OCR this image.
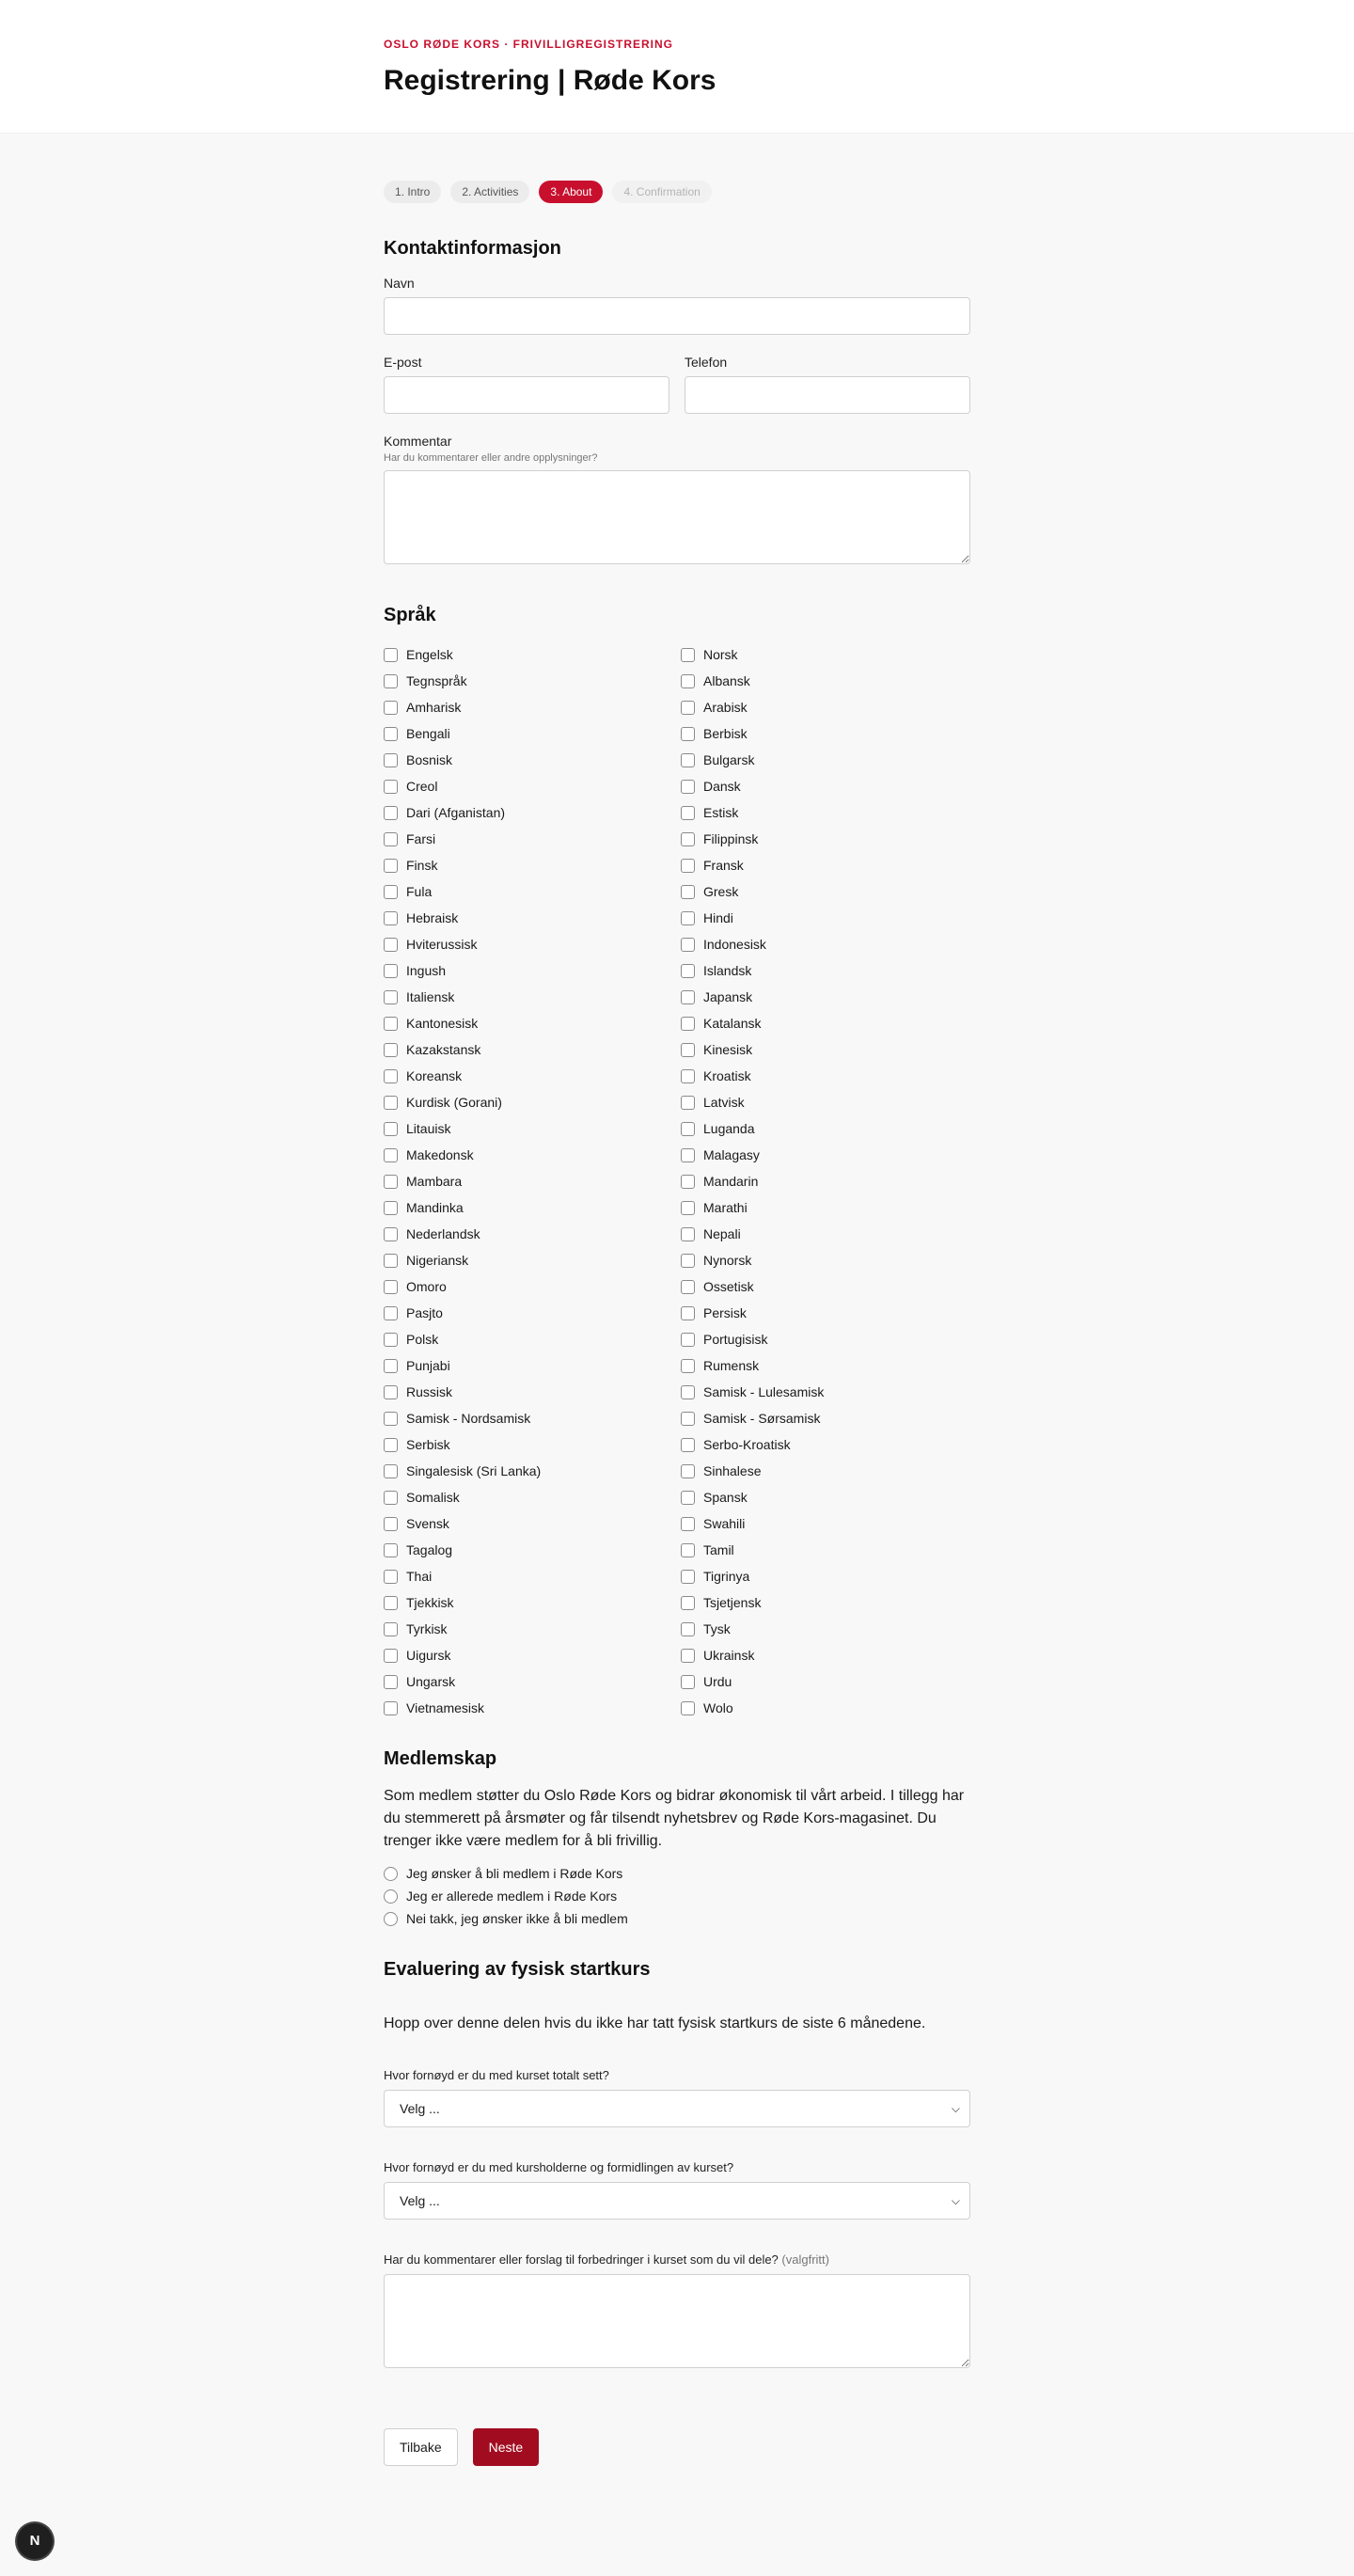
OSLO RØDE KORS · FRIVILLIGREGISTRERING
Registrering | Røde Kors
1. Intro	2. Activities	3. About	4. Confirmation
Kontaktinformasjon
Navn
E-post	Telefon
Kommentar
Har du kommentarer eller andre opplysninger?
Språk
Engelsk	Norsk
Tegnspråk	Albansk
Amharisk	Arabisk
Bengali	Berbisk
Bosnisk	Bulgarsk
Creol	Dansk
Dari (Afganistan)	Estisk
Farsi	Filippinsk
Finsk	Fransk
Fula	Gresk
Hebraisk	Hindi
Hviterussisk	Indonesisk
Ingush	Islandsk
Italiensk	Japansk
Kantonesisk	Katalansk
Kazakstansk	Kinesisk
Koreansk	Kroatisk
Kurdisk (Gorani)	Latvisk
Litauisk	Luganda
Makedonsk	Malagasy
Mambara	Mandarin
Mandinka	Marathi
Nederlandsk	Nepali
Nigeriansk	Nynorsk
Omoro	Ossetisk
Pasjto	Persisk
Polsk	Portugisisk
Punjabi	Rumensk
Russisk	Samisk - Lulesamisk
Samisk - Nordsamisk	Samisk - Sørsamisk
Serbisk	Serbo-Kroatisk
Singalesisk (Sri Lanka)	Sinhalese
Somalisk	Spansk
Svensk	Swahili
Tagalog	Tamil
Thai	Tigrinya
Tjekkisk	Tsjetjensk
Tyrkisk	Tysk
Uigursk	Ukrainsk
Ungarsk	Urdu
Vietnamesisk	Wolo
Medlemskap

Som medlem støtter du Oslo Røde Kors og bidrar økonomisk til vårt arbeid. I tillegg har du stemmerett på årsmøter og får tilsendt nyhetsbrev og Røde Kors-magasinet. Du trenger ikke være medlem for å bli frivillig.

Jeg ønsker å bli medlem i Røde Kors
Jeg er allerede medlem i Røde Kors
Nei takk, jeg ønsker ikke å bli medlem
Evaluering av fysisk startkurs

Hopp over denne delen hvis du ikke har tatt fysisk startkurs de siste 6 månedene.

Hvor fornøyd er du med kurset totalt sett?
Velg ...	⌵
Hvor fornøyd er du med kursholderne og formidlingen av kurset?
Velg ...	⌵
Har du kommentarer eller forslag til forbedringer i kurset som du vil dele? (valgfritt)
Tilbake	Neste
N
